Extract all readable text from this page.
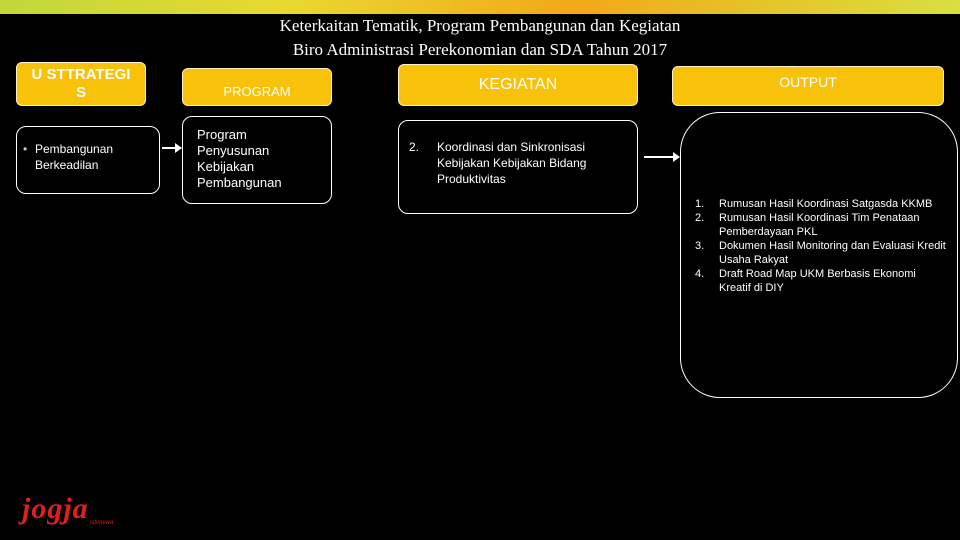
Keterkaitan Tematik, Program Pembangunan dan Kegiatan
Biro Administrasi Perekonomian dan SDA Tahun 2017
U STTRATEGI S
• Pembangunan Berkeadilan
PROGRAM
Program Penyusunan Kebijakan Pembangunan
KEGIATAN
2.	Koordinasi dan Sinkronisasi Kebijakan Kebijakan Bidang Produktivitas
OUTPUT
1.	Rumusan Hasil Koordinasi Satgasda KKMB
2.	Rumusan Hasil Koordinasi Tim Penataan Pemberdayaan PKL
3.	Dokumen Hasil Monitoring dan Evaluasi Kredit Usaha Rakyat
4.	Draft Road Map UKM Berbasis Ekonomi Kreatif di DIY
jogja istimewa
